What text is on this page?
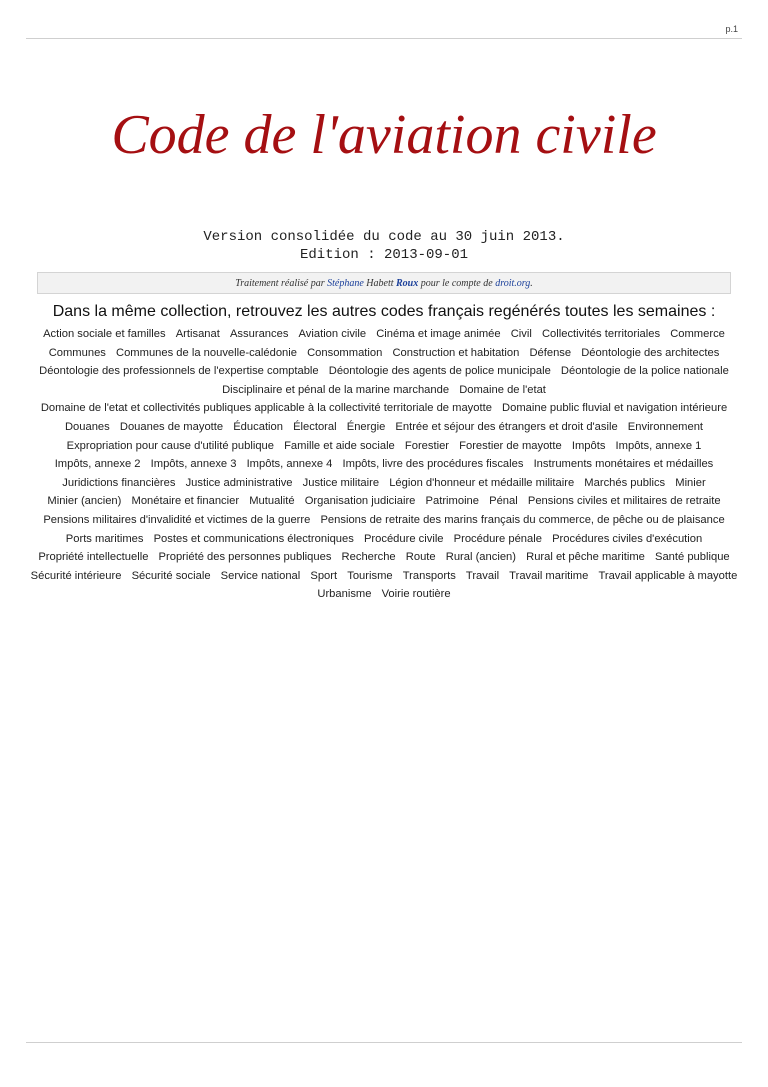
p.1
Code de l'aviation civile
Version consolidée du code au 30 juin 2013.
Edition : 2013-09-01
Traitement réalisé par Stéphane Habett Roux pour le compte de droit.org.
Dans la même collection, retrouvez les autres codes français regénérés toutes les semaines :
Action sociale et familles Artisanat Assurances Aviation civile Cinéma et image animée Civil Collectivités territoriales Commerce Communes Communes de la nouvelle-calédonie Consommation Construction et habitation Défense Déontologie des architectes Déontologie des professionnels de l'expertise comptable Déontologie des agents de police municipale Déontologie de la police nationale Disciplinaire et pénal de la marine marchande Domaine de l'etat Domaine de l'etat et collectivités publiques applicable à la collectivité territoriale de mayotte Domaine public fluvial et navigation intérieure Douanes Douanes de mayotte Éducation Électoral Énergie Entrée et séjour des étrangers et droit d'asile Environnement Expropriation pour cause d'utilité publique Famille et aide sociale Forestier Forestier de mayotte Impôts Impôts, annexe 1 Impôts, annexe 2 Impôts, annexe 3 Impôts, annexe 4 Impôts, livre des procédures fiscales Instruments monétaires et médailles Juridictions financières Justice administrative Justice militaire Légion d'honneur et médaille militaire Marchés publics Minier Minier (ancien) Monétaire et financier Mutualité Organisation judiciaire Patrimoine Pénal Pensions civiles et militaires de retraite Pensions militaires d'invalidité et victimes de la guerre Pensions de retraite des marins français du commerce, de pêche ou de plaisance Ports maritimes Postes et communications électroniques Procédure civile Procédure pénale Procédures civiles d'exécution Propriété intellectuelle Propriété des personnes publiques Recherche Route Rural (ancien) Rural et pêche maritime Santé publique Sécurité intérieure Sécurité sociale Service national Sport Tourisme Transports Travail Travail maritime Travail applicable à mayotte Urbanisme Voirie routière
